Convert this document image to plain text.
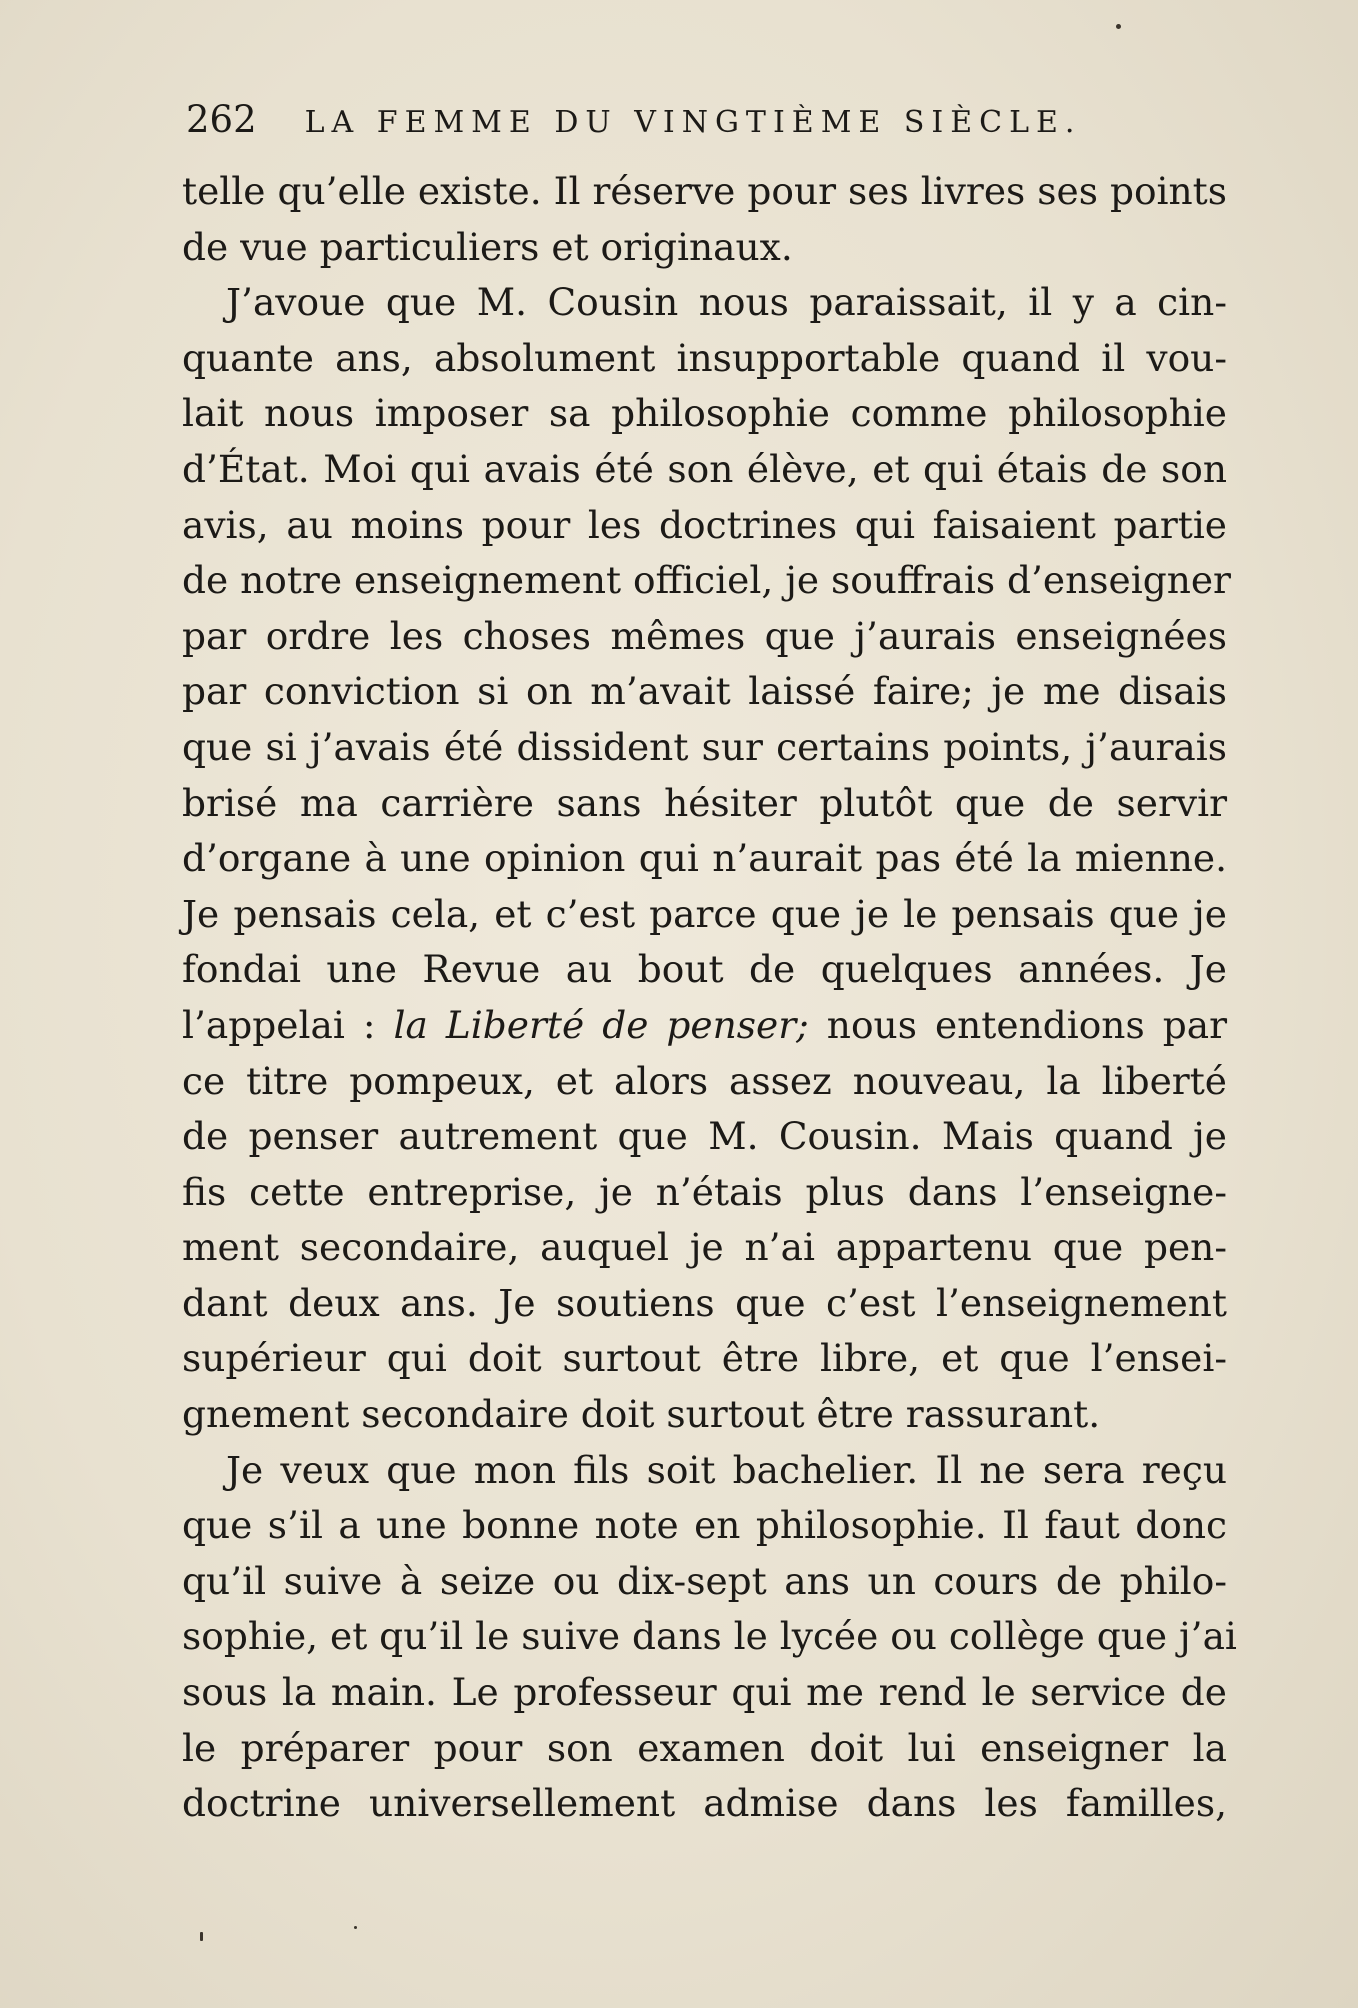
262 LA FEMME DU VINGTIÈME SIÈCLE.
telle qu’elle existe. Il réserve pour ses livres ses points
de vue particuliers et originaux.
J’avoue que M. Cousin nous paraissait, il y a cin-
quante ans, absolument insupportable quand il vou-
lait nous imposer sa philosophie comme philosophie
d’État. Moi qui avais été son élève, et qui étais de son
avis, au moins pour les doctrines qui faisaient partie
de notre enseignement officiel, je souffrais d’enseigner
par ordre les choses mêmes que j’aurais enseignées
par conviction si on m’avait laissé faire; je me disais
que si j’avais été dissident sur certains points, j’aurais
brisé ma carrière sans hésiter plutôt que de servir
d’organe à une opinion qui n’aurait pas été la mienne.
Je pensais cela, et c’est parce que je le pensais que je
fondai une Revue au bout de quelques années. Je
l’appelai : la Liberté de penser; nous entendions par
ce titre pompeux, et alors assez nouveau, la liberté
de penser autrement que M. Cousin. Mais quand je
fis cette entreprise, je n’étais plus dans l’enseigne-
ment secondaire, auquel je n’ai appartenu que pen-
dant deux ans. Je soutiens que c’est l’enseignement
supérieur qui doit surtout être libre, et que l’ensei-
gnement secondaire doit surtout être rassurant.
Je veux que mon fils soit bachelier. Il ne sera reçu
que s’il a une bonne note en philosophie. Il faut donc
qu’il suive à seize ou dix-sept ans un cours de philo-
sophie, et qu’il le suive dans le lycée ou collège que j’ai
sous la main. Le professeur qui me rend le service de
le préparer pour son examen doit lui enseigner la
doctrine universellement admise dans les familles,
